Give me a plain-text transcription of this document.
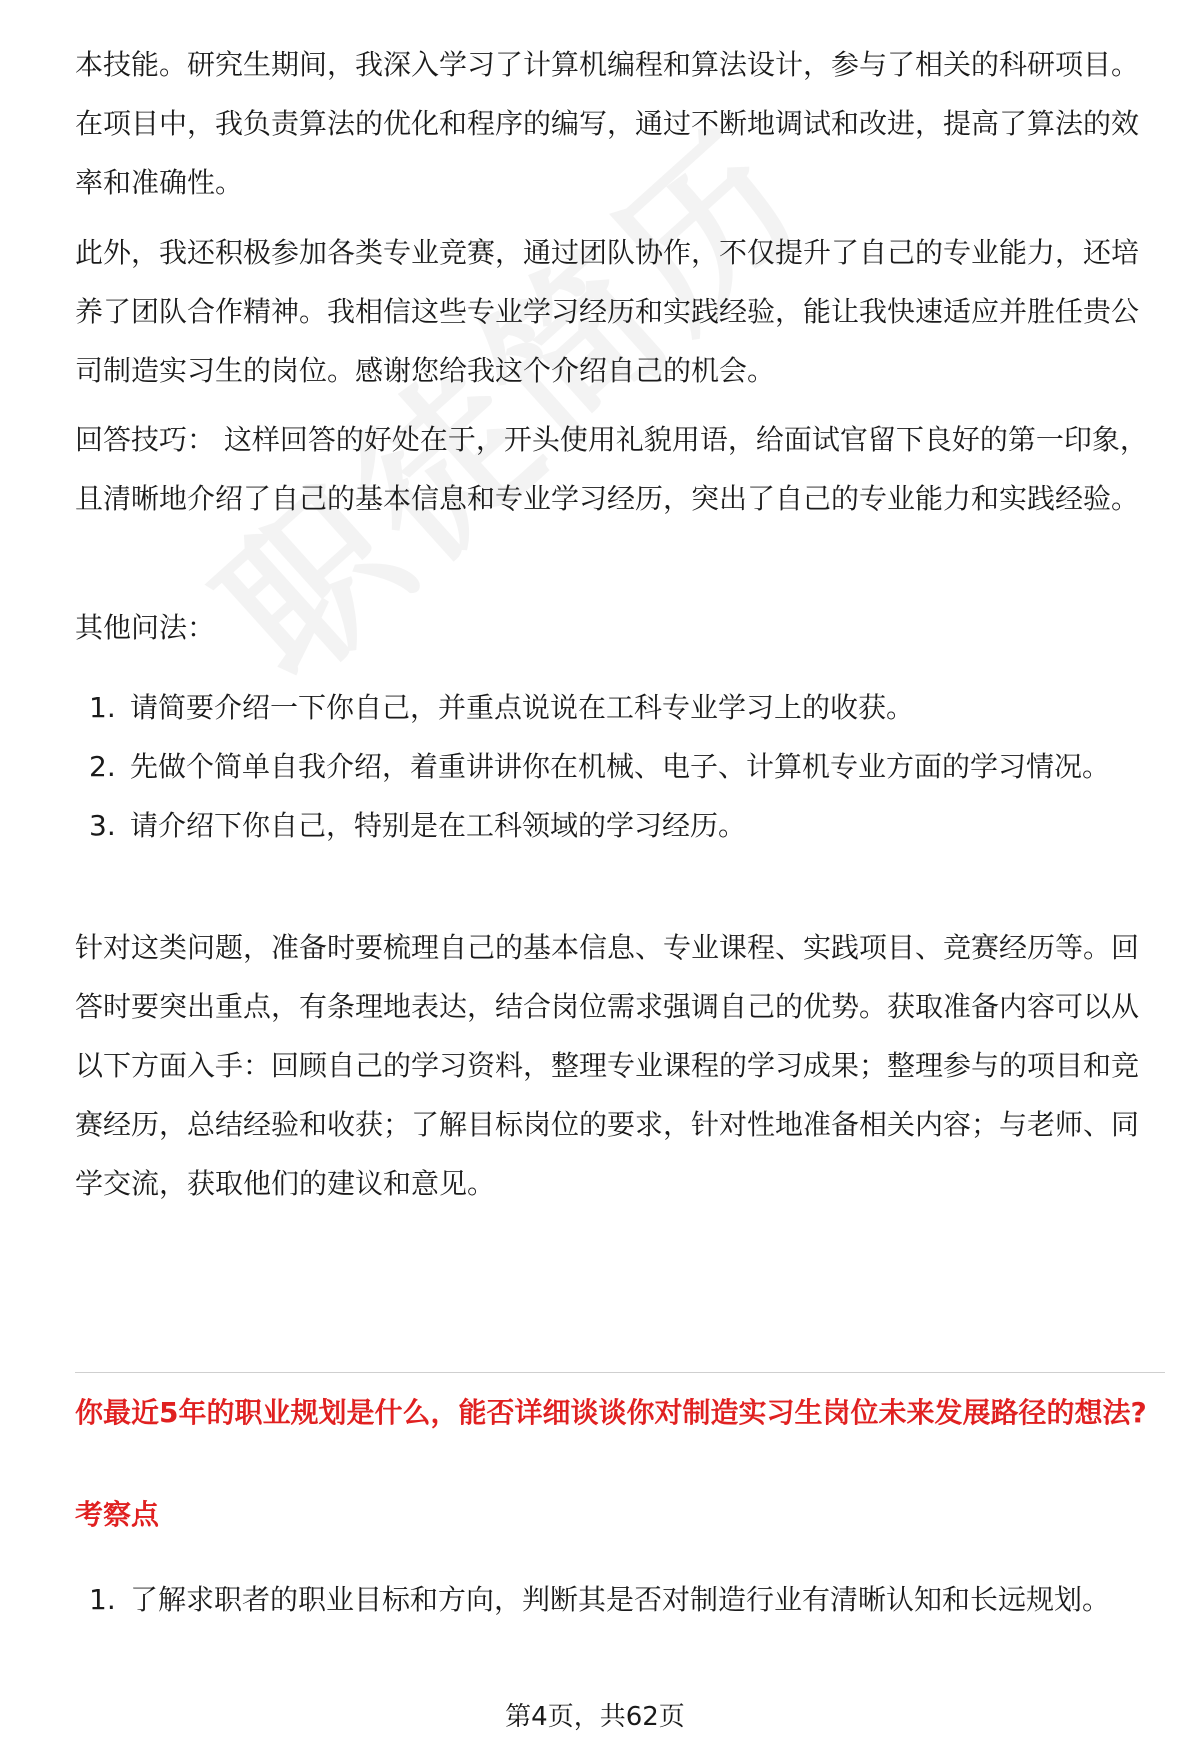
本技能。研究生期间，我深入学习了计算机编程和算法设计，参与了相关的科研项目。在项目中，我负责算法的优化和程序的编写，通过不断地调试和改进，提高了算法的效率和准确性。

此外，我还积极参加各类专业竞赛，通过团队协作，不仅提升了自己的专业能力，还培养了团队合作精神。我相信这些专业学习经历和实践经验，能让我快速适应并胜任贵公司制造实习生的岗位。感谢您给我这个介绍自己的机会。

回答技巧： 这样回答的好处在于，开头使用礼貌用语，给面试官留下良好的第一印象，且清晰地介绍了自己的基本信息和专业学习经历，突出了自己的专业能力和实践经验。

其他问法：

1. 请简要介绍一下你自己，并重点说说在工科专业学习上的收获。
2. 先做个简单自我介绍，着重讲讲你在机械、电子、计算机专业方面的学习情况。
3. 请介绍下你自己，特别是在工科领域的学习经历。

针对这类问题，准备时要梳理自己的基本信息、专业课程、实践项目、竞赛经历等。回答时要突出重点，有条理地表达，结合岗位需求强调自己的优势。获取准备内容可以从以下方面入手：回顾自己的学习资料，整理专业课程的学习成果；整理参与的项目和竞赛经历，总结经验和收获；了解目标岗位的要求，针对性地准备相关内容；与老师、同学交流，获取他们的建议和意见。

1. 了解求职者的职业目标和方向，判断其是否对制造行业有清晰认知和长远规划。
你最近5年的职业规划是什么，能否详细谈谈你对制造实习生岗位未来发展路径的想法?
考察点
第4页，共62页
